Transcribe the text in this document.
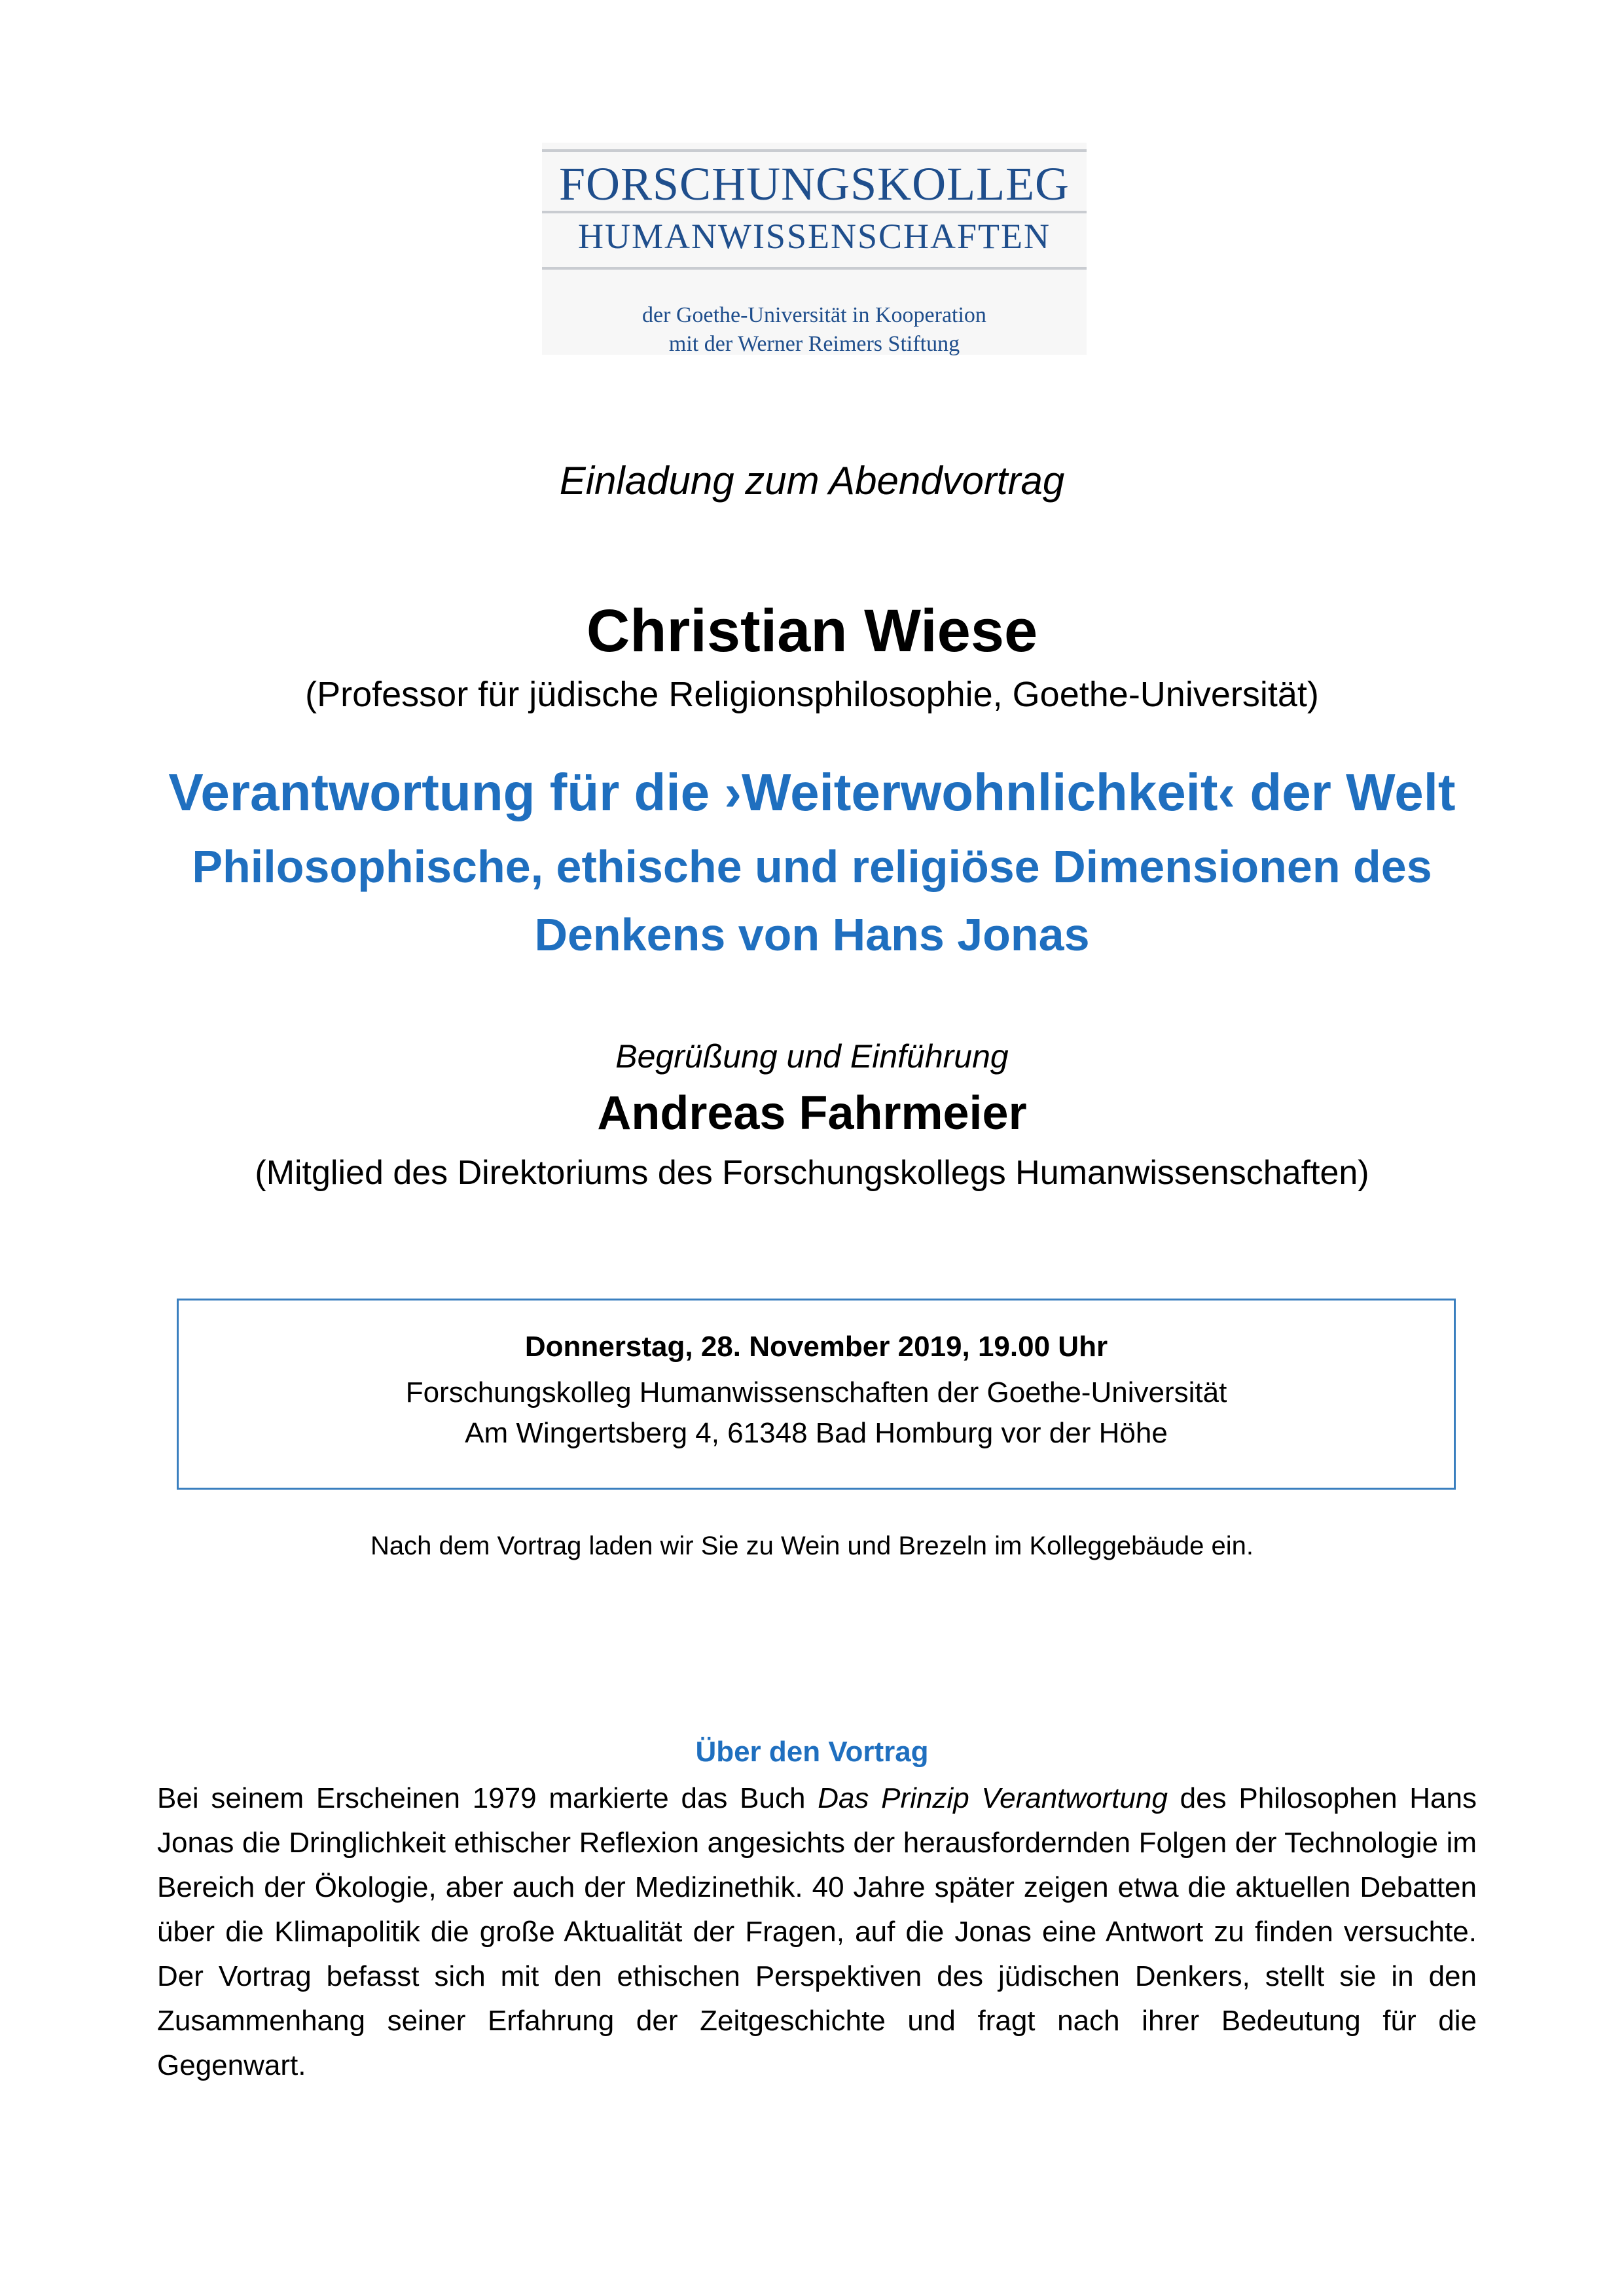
FORSCHUNGSKOLLEG
HUMANWISSENSCHAFTEN
der Goethe-Universität in Kooperation
mit der Werner Reimers Stiftung
Einladung zum Abendvortrag
Christian Wiese
(Professor für jüdische Religionsphilosophie, Goethe-Universität)
Verantwortung für die ›Weiterwohnlichkeit‹ der Welt
Philosophische, ethische und religiöse Dimensionen des
Denkens von Hans Jonas
Begrüßung und Einführung
Andreas Fahrmeier
(Mitglied des Direktoriums des Forschungskollegs Humanwissenschaften)
Donnerstag, 28. November 2019, 19.00 Uhr
Forschungskolleg Humanwissenschaften der Goethe-Universität
Am Wingertsberg 4, 61348 Bad Homburg vor der Höhe
Nach dem Vortrag laden wir Sie zu Wein und Brezeln im Kolleggebäude ein.
Über den Vortrag
Bei seinem Erscheinen 1979 markierte das Buch Das Prinzip Verantwortung des Philosophen Hans Jonas die Dringlichkeit ethischer Reflexion angesichts der herausfordernden Folgen der Technologie im Bereich der Ökologie, aber auch der Medizinethik. 40 Jahre später zeigen etwa die aktuellen Debatten über die Klimapolitik die große Aktualität der Fragen, auf die Jonas eine Antwort zu finden versuchte. Der Vortrag befasst sich mit den ethischen Perspektiven des jüdischen Denkers, stellt sie in den Zusammenhang seiner Erfahrung der Zeitgeschichte und fragt nach ihrer Bedeutung für die Gegenwart.
